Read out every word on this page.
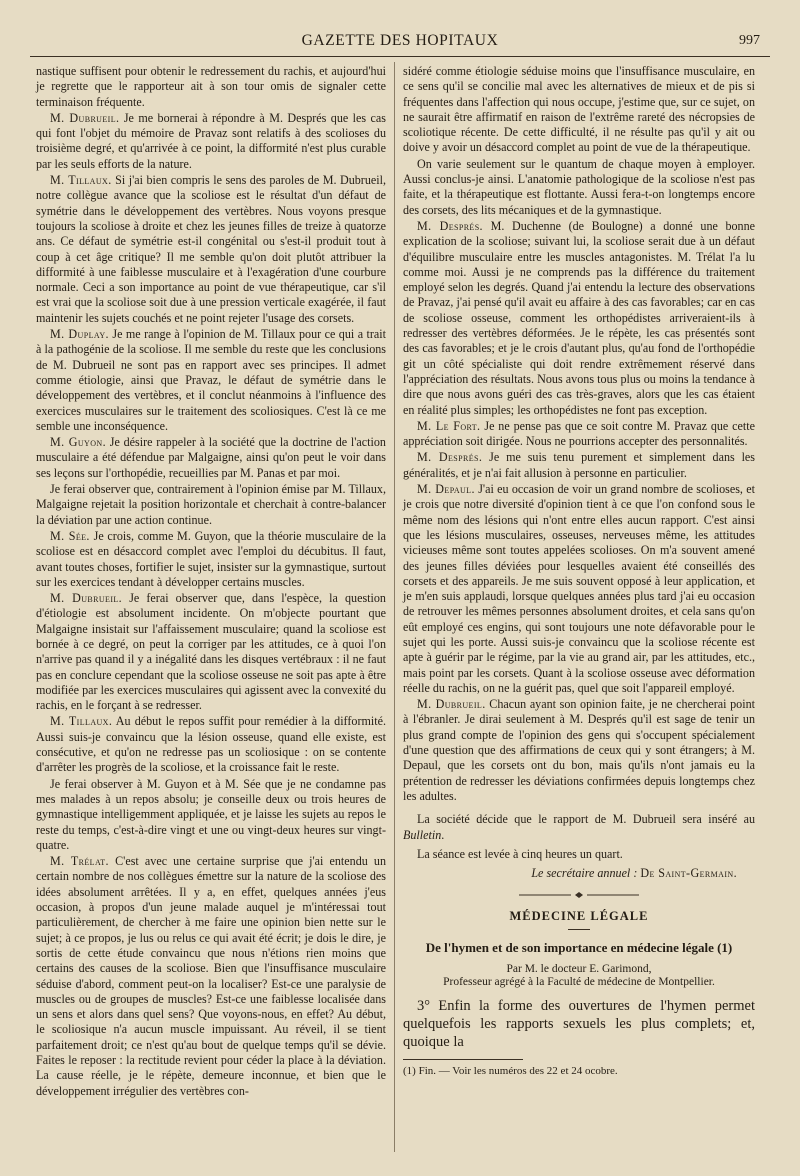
GAZETTE DES HOPITAUX	997

nastique suffisent pour obtenir le redressement du rachis, et aujourd'hui je regrette que le rapporteur ait à son tour omis de signaler cette terminaison fréquente.

M. Dubrueil. Je me bornerai à répondre à M. Després que les cas qui font l'objet du mémoire de Pravaz sont relatifs à des scolioses du troisième degré, et qu'arrivée à ce point, la difformité n'est plus curable par les seuls efforts de la nature.

M. Tillaux. Si j'ai bien compris le sens des paroles de M. Dubrueil, notre collègue avance que la scoliose est le résultat d'un défaut de symétrie dans le développement des vertèbres. Nous voyons presque toujours la scoliose à droite et chez les jeunes filles de treize à quatorze ans. Ce défaut de symétrie est-il congénital ou s'est-il produit tout à coup à cet âge critique? Il me semble qu'on doit plutôt attribuer la difformité à une faiblesse musculaire et à l'exagération d'une courbure normale. Ceci a son importance au point de vue thérapeutique, car s'il est vrai que la scoliose soit due à une pression verticale exagérée, il faut maintenir les sujets couchés et ne point rejeter l'usage des corsets.

M. Duplay. Je me range à l'opinion de M. Tillaux pour ce qui a trait à la pathogénie de la scoliose. Il me semble du reste que les conclusions de M. Dubrueil ne sont pas en rapport avec ses principes. Il admet comme étiologie, ainsi que Pravaz, le défaut de symétrie dans le développement des vertèbres, et il conclut néanmoins à l'influence des exercices musculaires sur le traitement des scoliosiques. C'est là ce me semble une inconséquence.

M. Guyon. Je désire rappeler à la société que la doctrine de l'action musculaire a été défendue par Malgaigne, ainsi qu'on peut le voir dans ses leçons sur l'orthopédie, recueillies par M. Panas et par moi.

Je ferai observer que, contrairement à l'opinion émise par M. Tillaux, Malgaigne rejetait la position horizontale et cherchait à contre-balancer la déviation par une action continue.

M. Sée. Je crois, comme M. Guyon, que la théorie musculaire de la scoliose est en désaccord complet avec l'emploi du décubitus. Il faut, avant toutes choses, fortifier le sujet, insister sur la gymnastique, surtout sur les exercices tendant à développer certains muscles.

M. Dubrueil. Je ferai observer que, dans l'espèce, la question d'étiologie est absolument incidente. On m'objecte pourtant que Malgaigne insistait sur l'affaissement musculaire; quand la scoliose est bornée à ce degré, on peut la corriger par les attitudes, ce à quoi l'on n'arrive pas quand il y a inégalité dans les disques vertébraux : il ne faut pas en conclure cependant que la scoliose osseuse ne soit pas apte à être modifiée par les exercices musculaires qui agissent avec la convexité du rachis, en le forçant à se redresser.

M. Tillaux. Au début le repos suffit pour remédier à la difformité. Aussi suis-je convaincu que la lésion osseuse, quand elle existe, est consécutive, et qu'on ne redresse pas un scoliosique : on se contente d'arrêter les progrès de la scoliose, et la croissance fait le reste.

Je ferai observer à M. Guyon et à M. Sée que je ne condamne pas mes malades à un repos absolu; je conseille deux ou trois heures de gymnastique intelligemment appliquée, et je laisse les sujets au repos le reste du temps, c'est-à-dire vingt et une ou vingt-deux heures sur vingt-quatre.

M. Trélat. C'est avec une certaine surprise que j'ai entendu un certain nombre de nos collègues émettre sur la nature de la scoliose des idées absolument arrêtées. Il y a, en effet, quelques années j'eus occasion, à propos d'un jeune malade auquel je m'intéressai tout particulièrement, de chercher à me faire une opinion bien nette sur le sujet; à ce propos, je lus ou relus ce qui avait été écrit; je dois le dire, je sortis de cette étude convaincu que nous n'étions rien moins que certains des causes de la scoliose. Bien que l'insuffisance musculaire séduise d'abord, comment peut-on la localiser? Est-ce une paralysie de muscles ou de groupes de muscles? Est-ce une faiblesse localisée dans un sens et alors dans quel sens? Que voyons-nous, en effet? Au début, le scoliosique n'a aucun muscle impuissant. Au réveil, il se tient parfaitement droit; ce n'est qu'au bout de quelque temps qu'il se dévie. Faites le reposer : la rectitude revient pour céder la place à la déviation. La cause réelle, je le répète, demeure inconnue, et bien que le développement irrégulier des vertèbres con-

sidéré comme étiologie séduise moins que l'insuffisance musculaire, en ce sens qu'il se concilie mal avec les alternatives de mieux et de pis si fréquentes dans l'affection qui nous occupe, j'estime que, sur ce sujet, on ne saurait être affirmatif en raison de l'extrême rareté des nécropsies de scoliotique récente. De cette difficulté, il ne résulte pas qu'il y ait ou doive y avoir un désaccord complet au point de vue de la thérapeutique.

On varie seulement sur le quantum de chaque moyen à employer. Aussi conclus-je ainsi. L'anatomie pathologique de la scoliose n'est pas faite, et la thérapeutique est flottante. Aussi fera-t-on longtemps encore des corsets, des lits mécaniques et de la gymnastique.

M. Després. M. Duchenne (de Boulogne) a donné une bonne explication de la scoliose; suivant lui, la scoliose serait due à un défaut d'équilibre musculaire entre les muscles antagonistes. M. Trélat l'a lu comme moi. Aussi je ne comprends pas la différence du traitement employé selon les degrés. Quand j'ai entendu la lecture des observations de Pravaz, j'ai pensé qu'il avait eu affaire à des cas favorables; car en cas de scoliose osseuse, comment les orthopédistes arriveraient-ils à redresser des vertèbres déformées. Je le répète, les cas présentés sont des cas favorables; et je le crois d'autant plus, qu'au fond de l'orthopédie git un côté spécialiste qui doit rendre extrêmement réservé dans l'appréciation des résultats. Nous avons tous plus ou moins la tendance à dire que nous avons guéri des cas très-graves, alors que les cas étaient en réalité plus simples; les orthopédistes ne font pas exception.

M. Le Fort. Je ne pense pas que ce soit contre M. Pravaz que cette appréciation soit dirigée. Nous ne pourrions accepter des personnalités.

M. Després. Je me suis tenu purement et simplement dans les généralités, et je n'ai fait allusion à personne en particulier.

M. Depaul. J'ai eu occasion de voir un grand nombre de scolioses, et je crois que notre diversité d'opinion tient à ce que l'on confond sous le même nom des lésions qui n'ont entre elles aucun rapport. C'est ainsi que les lésions musculaires, osseuses, nerveuses même, les attitudes vicieuses même sont toutes appelées scolioses. On m'a souvent amené des jeunes filles déviées pour lesquelles avaient été conseillés des corsets et des appareils. Je me suis souvent opposé à leur application, et je m'en suis applaudi, lorsque quelques années plus tard j'ai eu occasion de retrouver les mêmes personnes absolument droites, et cela sans qu'on eût employé ces engins, qui sont toujours une note défavorable pour le sujet qui les porte. Aussi suis-je convaincu que la scoliose récente est apte à guérir par le régime, par la vie au grand air, par les attitudes, etc., mais point par les corsets. Quant à la scoliose osseuse avec déformation réelle du rachis, on ne la guérit pas, quel que soit l'appareil employé.

M. Dubrueil. Chacun ayant son opinion faite, je ne chercherai point à l'ébranler. Je dirai seulement à M. Després qu'il est sage de tenir un plus grand compte de l'opinion des gens qui s'occupent spécialement d'une question que des affirmations de ceux qui y sont étrangers; à M. Depaul, que les corsets ont du bon, mais qu'ils n'ont jamais eu la prétention de redresser les déviations confirmées depuis longtemps chez les adultes.

La société décide que le rapport de M. Dubrueil sera inséré au Bulletin.

La séance est levée à cinq heures un quart.

Le secrétaire annuel : De Saint-Germain.
MÉDECINE LÉGALE
De l'hymen et de son importance en médecine légale (1)
Par M. le docteur E. Garimond,
Professeur agrégé à la Faculté de médecine de Montpellier.

3° Enfin la forme des ouvertures de l'hymen permet quelquefois les rapports sexuels les plus complets; et, quoique la

(1) Fin. — Voir les numéros des 22 et 24 ocobre.
